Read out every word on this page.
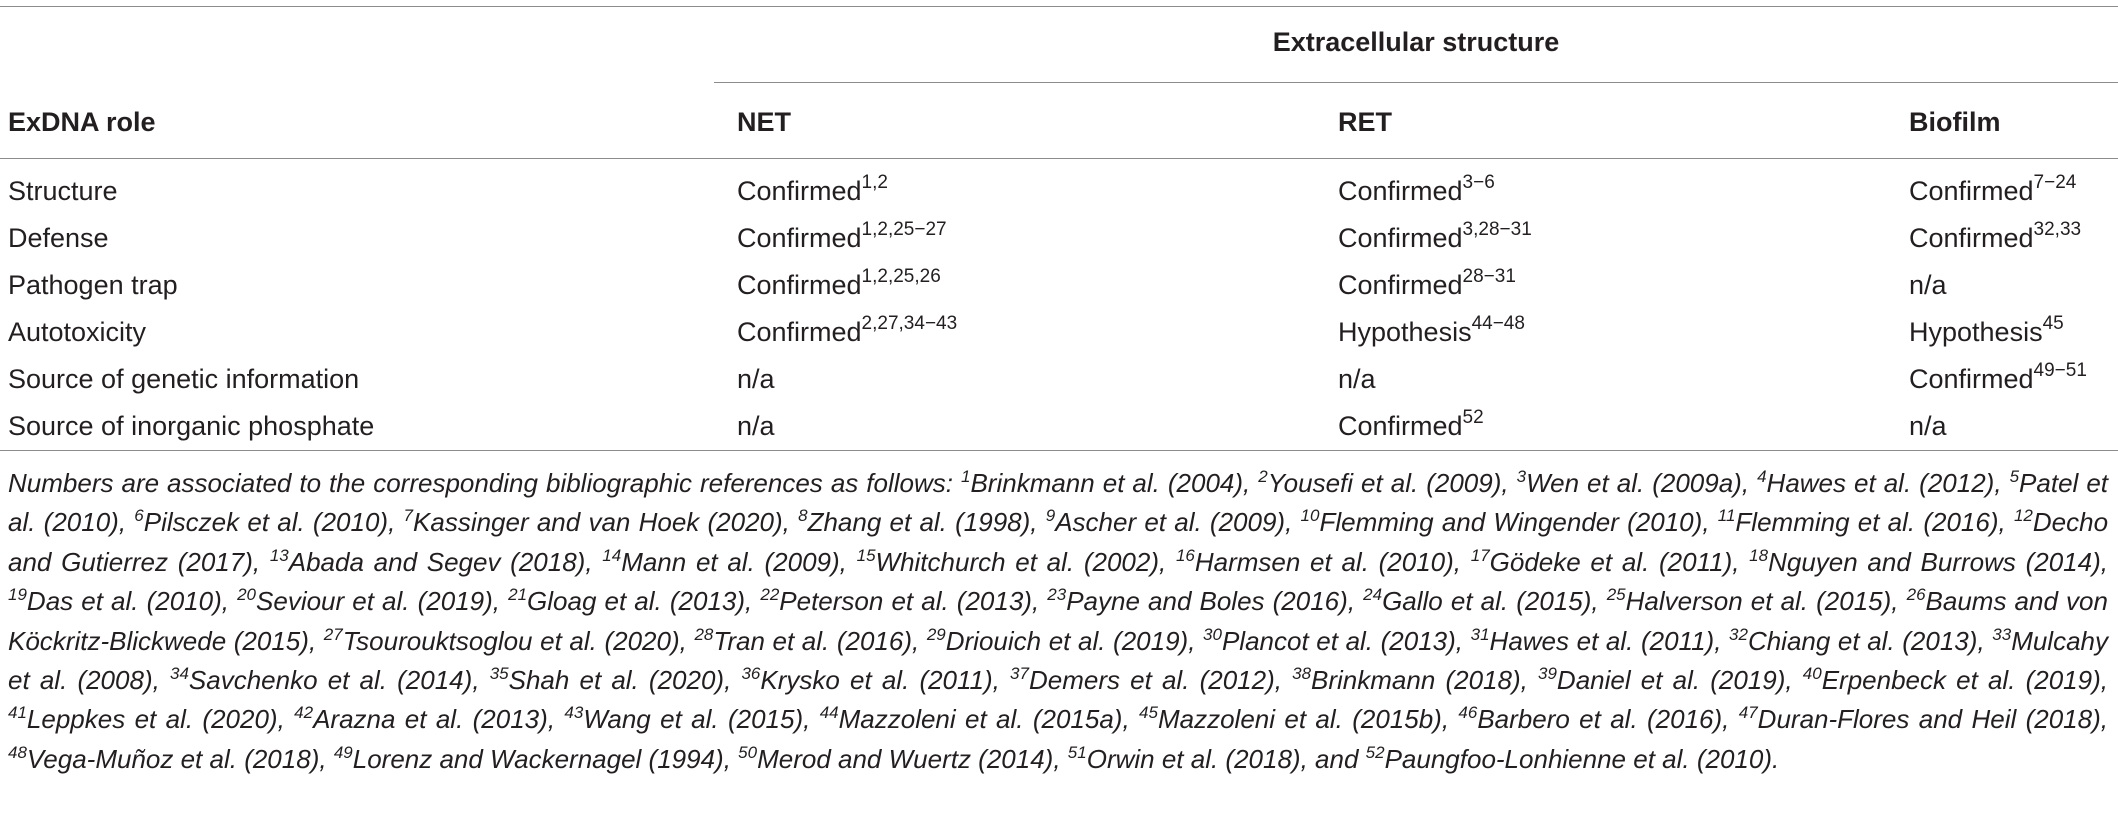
Extracellular structure
ExDNA role	NET	RET	Biofilm
Structure	Confirmed$^{1,2}$	Confirmed$^{3-6}$	Confirmed$^{7-24}$
Defense	Confirmed$^{1,2,25-27}$	Confirmed$^{3,28-31}$	Confirmed$^{32,33}$
Pathogen trap	Confirmed$^{1,2,25,26}$	Confirmed$^{28-31}$	n/a
Autotoxicity	Confirmed$^{2,27,34-43}$	Hypothesis$^{44-48}$	Hypothesis$^{45}$
Source of genetic information	n/a	n/a	Confirmed$^{49-51}$
Source of inorganic phosphate	n/a	Confirmed$^{52}$	n/a
Numbers are associated to the corresponding bibliographic references as follows: $^1$Brinkmann et al. (2004), $^2$Yousefi et al. (2009), $^3$Wen et al. (2009a), $^4$Hawes et al. (2012), $^5$Patel et al. (2010), $^6$Pilsczek et al. (2010), $^7$Kassinger and van Hoek (2020), $^8$Zhang et al. (1998), $^9$Ascher et al. (2009), $^{10}$Flemming and Wingender (2010), $^{11}$Flemming et al. (2016), $^{12}$Decho and Gutierrez (2017), $^{13}$Abada and Segev (2018), $^{14}$Mann et al. (2009), $^{15}$Whitchurch et al. (2002), $^{16}$Harmsen et al. (2010), $^{17}$Gödeke et al. (2011), $^{18}$Nguyen and Burrows (2014), $^{19}$Das et al. (2010), $^{20}$Seviour et al. (2019), $^{21}$Gloag et al. (2013), $^{22}$Peterson et al. (2013), $^{23}$Payne and Boles (2016), $^{24}$Gallo et al. (2015), $^{25}$Halverson et al. (2015), $^{26}$Baums and von Köckritz-Blickwede (2015), $^{27}$Tsourouktsoglou et al. (2020), $^{28}$Tran et al. (2016), $^{29}$Driouich et al. (2019), $^{30}$Plancot et al. (2013), $^{31}$Hawes et al. (2011), $^{32}$Chiang et al. (2013), $^{33}$Mulcahy et al. (2008), $^{34}$Savchenko et al. (2014), $^{35}$Shah et al. (2020), $^{36}$Krysko et al. (2011), $^{37}$Demers et al. (2012), $^{38}$Brinkmann (2018), $^{39}$Daniel et al. (2019), $^{40}$Erpenbeck et al. (2019), $^{41}$Leppkes et al. (2020), $^{42}$Arazna et al. (2013), $^{43}$Wang et al. (2015), $^{44}$Mazzoleni et al. (2015a), $^{45}$Mazzoleni et al. (2015b), $^{46}$Barbero et al. (2016), $^{47}$Duran-Flores and Heil (2018), $^{48}$Vega-Muñoz et al. (2018), $^{49}$Lorenz and Wackernagel (1994), $^{50}$Merod and Wuertz (2014), $^{51}$Orwin et al. (2018), and $^{52}$Paungfoo-Lonhienne et al. (2010).
